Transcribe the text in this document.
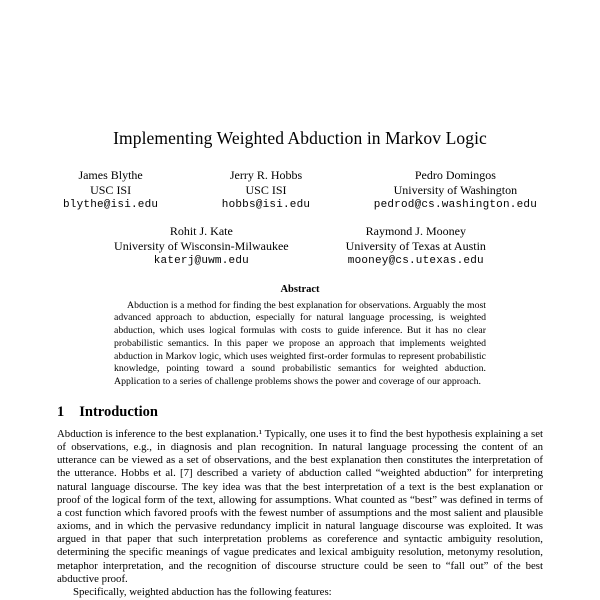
Implementing Weighted Abduction in Markov Logic
James Blythe
USC ISI
blythe@isi.edu
Jerry R. Hobbs
USC ISI
hobbs@isi.edu
Pedro Domingos
University of Washington
pedrod@cs.washington.edu
Rohit J. Kate
University of Wisconsin-Milwaukee
katerj@uwm.edu
Raymond J. Mooney
University of Texas at Austin
mooney@cs.utexas.edu
Abstract

Abduction is a method for finding the best explanation for observations. Arguably the most advanced approach to abduction, especially for natural language processing, is weighted abduction, which uses logical formulas with costs to guide inference. But it has no clear probabilistic semantics. In this paper we propose an approach that implements weighted abduction in Markov logic, which uses weighted first-order formulas to represent probabilistic knowledge, pointing toward a sound probabilistic semantics for weighted abduction. Application to a series of challenge problems shows the power and coverage of our approach.

1 Introduction

Abduction is inference to the best explanation.¹ Typically, one uses it to find the best hypothesis explaining a set of observations, e.g., in diagnosis and plan recognition. In natural language processing the content of an utterance can be viewed as a set of observations, and the best explanation then constitutes the interpretation of the utterance. Hobbs et al. [7] described a variety of abduction called “weighted abduction” for interpreting natural language discourse. The key idea was that the best interpretation of a text is the best explanation or proof of the logical form of the text, allowing for assumptions. What counted as “best” was defined in terms of a cost function which favored proofs with the fewest number of assumptions and the most salient and plausible axioms, and in which the pervasive redundancy implicit in natural language discourse was exploited. It was argued in that paper that such interpretation problems as coreference and syntactic ambiguity resolution, determining the specific meanings of vague predicates and lexical ambiguity resolution, metonymy resolution, metaphor interpretation, and the recognition of discourse structure could be seen to “fall out” of the best abductive proof.

Specifically, weighted abduction has the following features:
